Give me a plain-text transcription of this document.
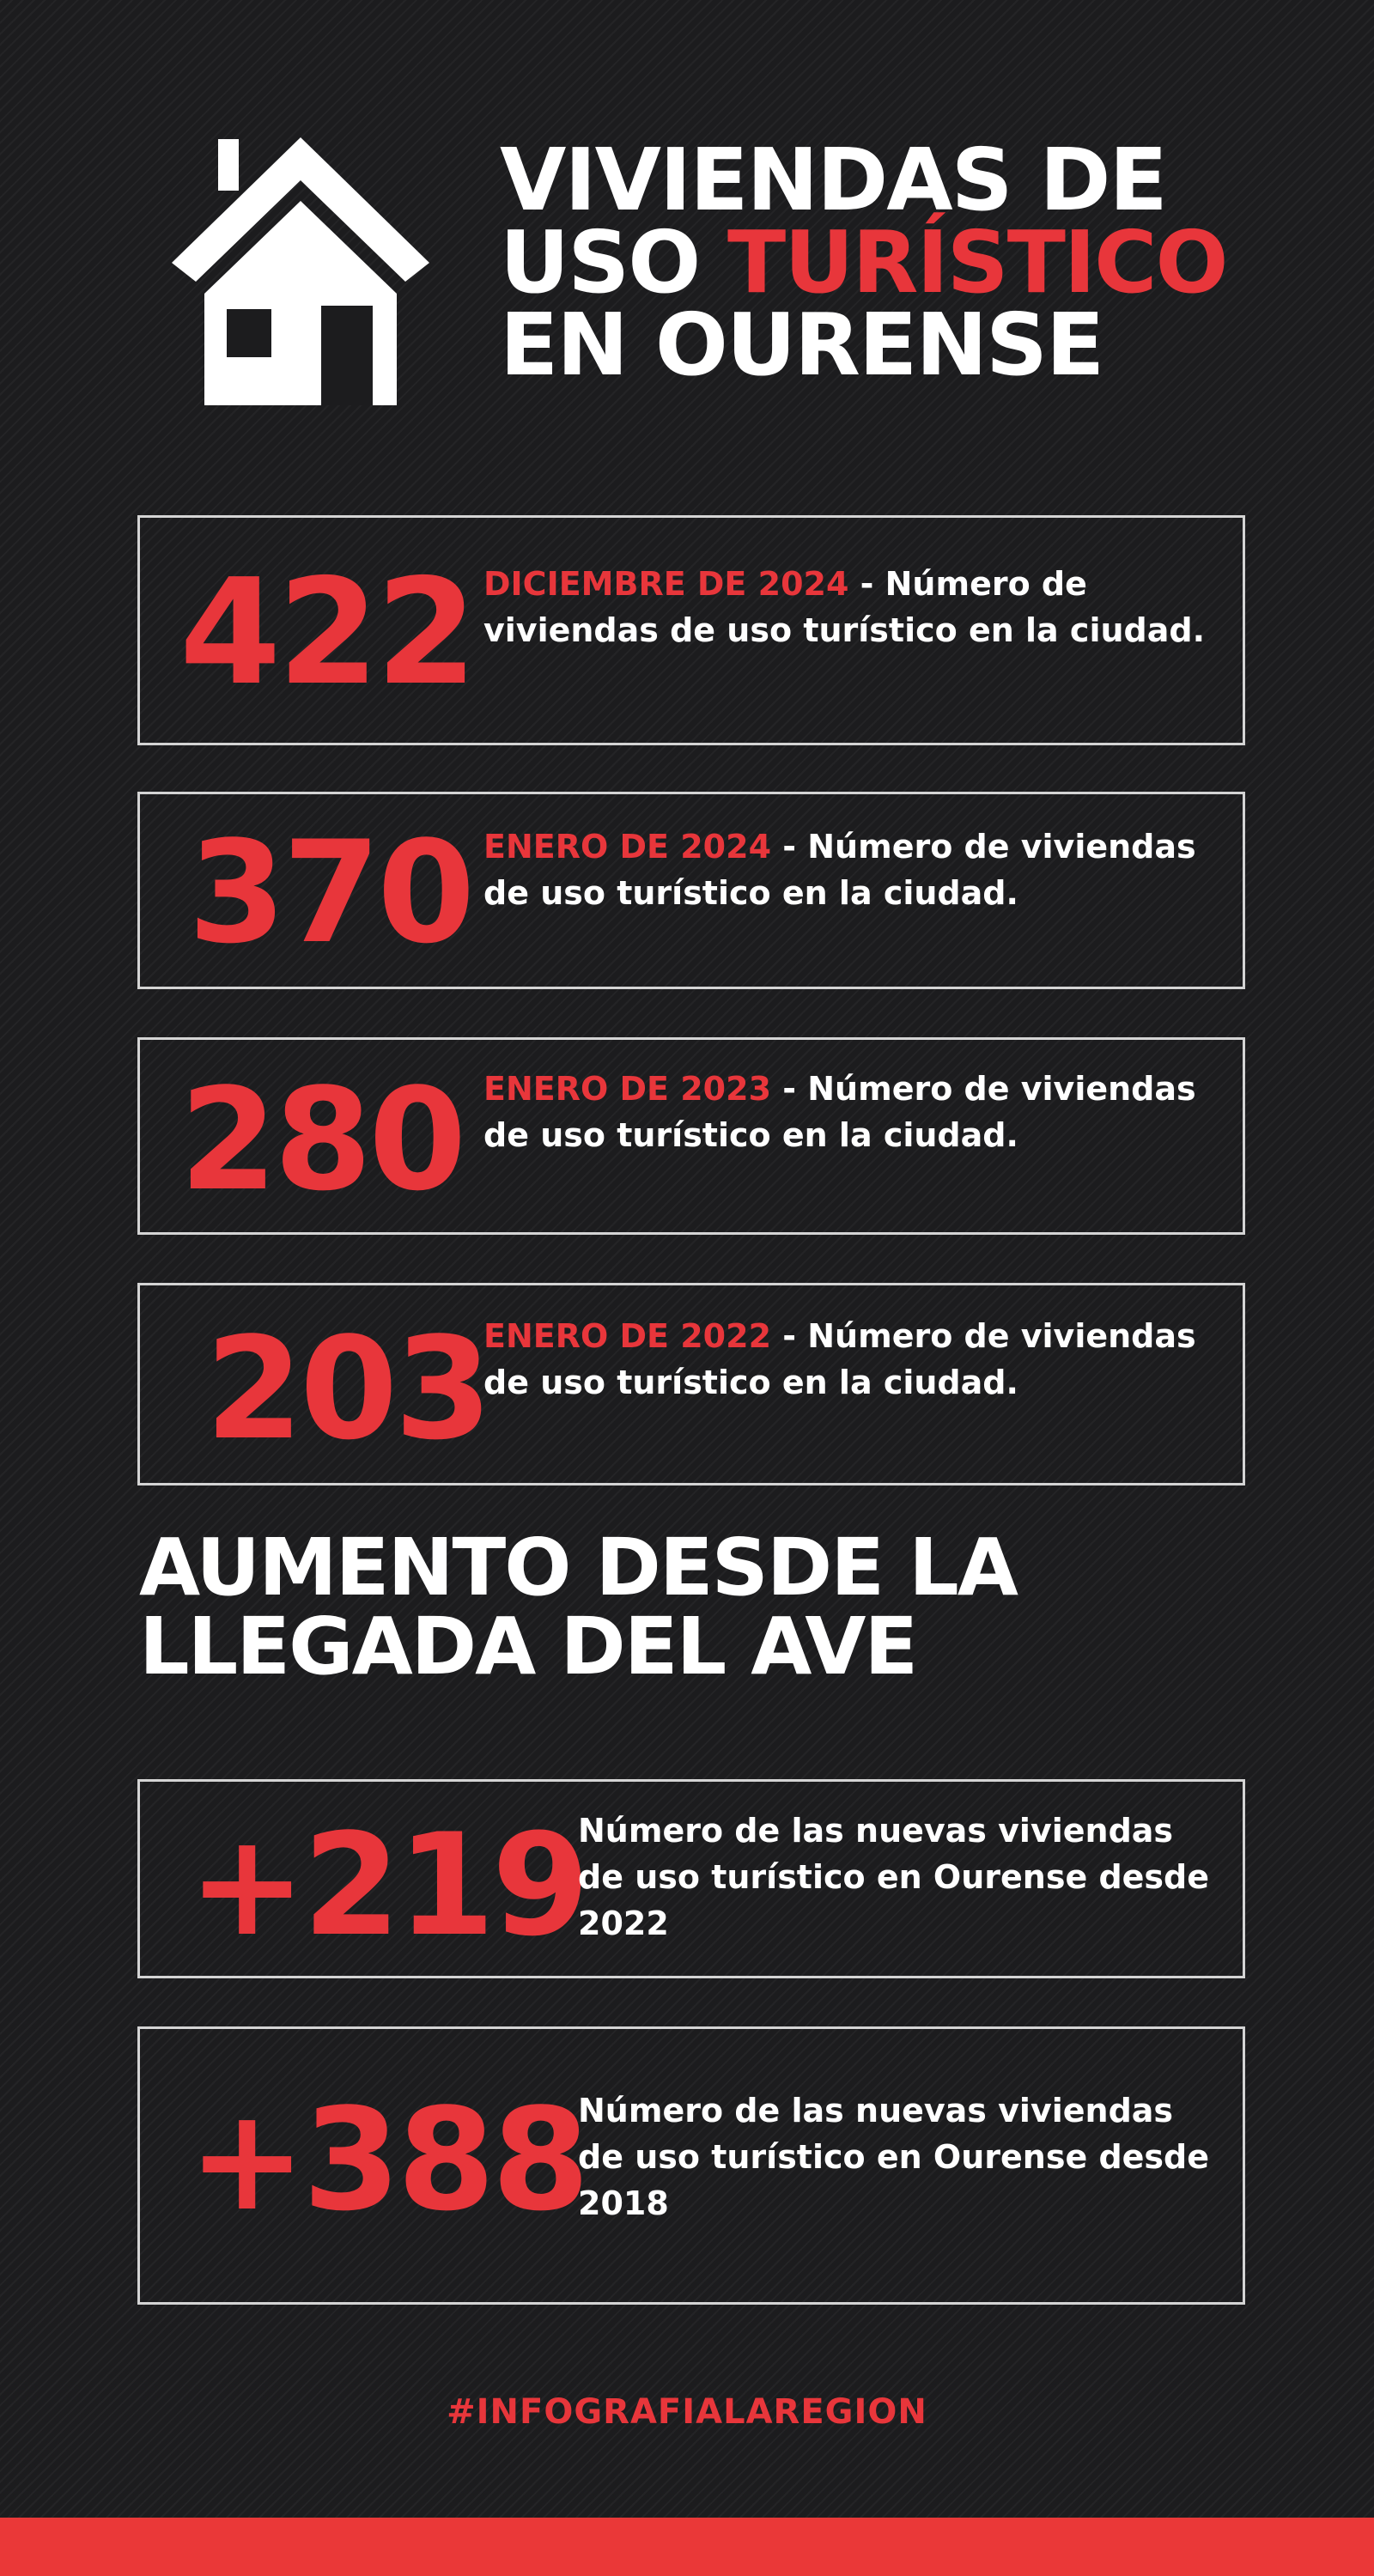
VIVIENDAS DE
USO TURÍSTICO
EN OURENSE
422 DICIEMBRE DE 2024 - Número de viviendas de uso turístico en la ciudad.
370 ENERO DE 2024 - Número de viviendas de uso turístico en la ciudad.
280 ENERO DE 2023 - Número de viviendas de uso turístico en la ciudad.
203
ENERO DE 2022 - Número de viviendas de uso turístico en la ciudad.
AUMENTO DESDE LA
LLEGADA DEL AVE
+219
Número de las nuevas viviendas de uso turístico en Ourense desde 2022
+388
Número de las nuevas viviendas de uso turístico en Ourense desde 2018
#INFOGRAFIALAREGION
